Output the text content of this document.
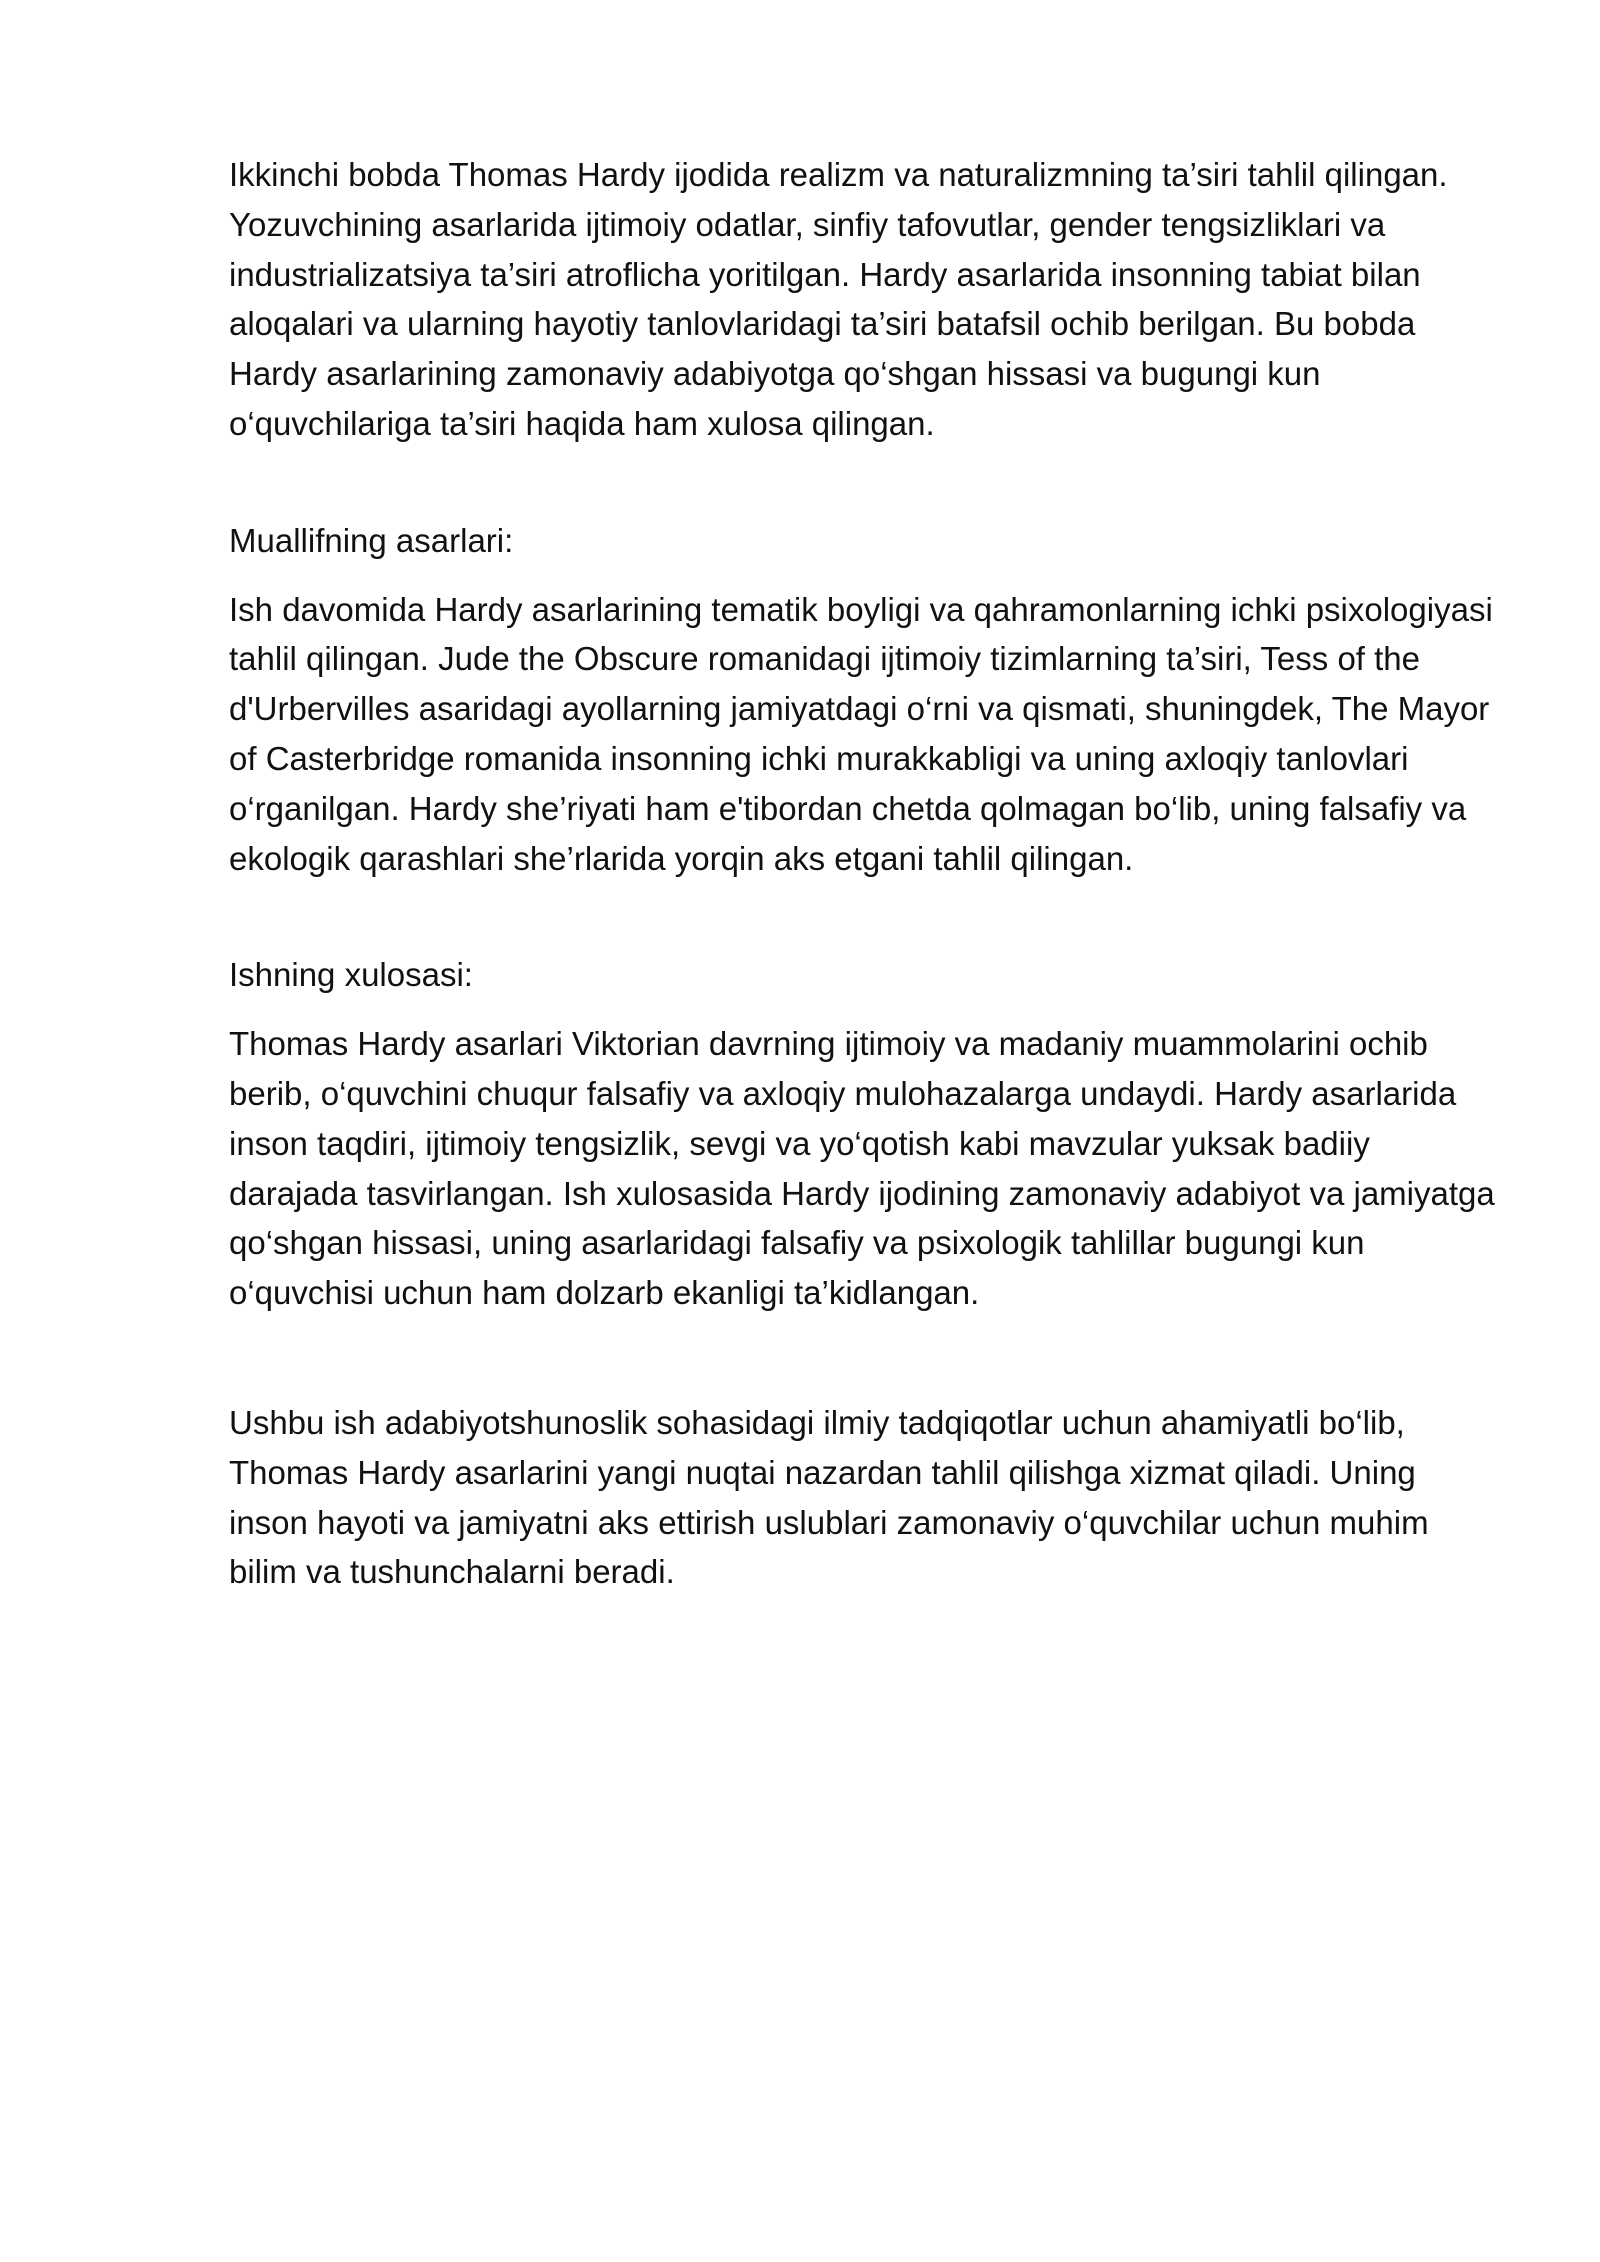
Ikkinchi bobda Thomas Hardy ijodida realizm va naturalizmning ta’siri tahlil qilingan. Yozuvchining asarlarida ijtimoiy odatlar, sinfiy tafovutlar, gender tengsizliklari va industrializatsiya ta’siri atroflicha yoritilgan. Hardy asarlarida insonning tabiat bilan aloqalari va ularning hayotiy tanlovlaridagi ta’siri batafsil ochib berilgan. Bu bobda Hardy asarlarining zamonaviy adabiyotga qo‘shgan hissasi va bugungi kun o‘quvchilariga ta’siri haqida ham xulosa qilingan.

Muallifning asarlari:

Ish davomida Hardy asarlarining tematik boyligi va qahramonlarning ichki psixologiyasi tahlil qilingan. Jude the Obscure romanidagi ijtimoiy tizimlarning ta’siri, Tess of the d'Urbervilles asaridagi ayollarning jamiyatdagi o‘rni va qismati, shuningdek, The Mayor of Casterbridge romanida insonning ichki murakkabligi va uning axloqiy tanlovlari o‘rganilgan. Hardy she’riyati ham e'tibordan chetda qolmagan bo‘lib, uning falsafiy va ekologik qarashlari she’rlarida yorqin aks etgani tahlil qilingan.

Ishning xulosasi:

Thomas Hardy asarlari Viktorian davrning ijtimoiy va madaniy muammolarini ochib berib, o‘quvchini chuqur falsafiy va axloqiy mulohazalarga undaydi. Hardy asarlarida inson taqdiri, ijtimoiy tengsizlik, sevgi va yo‘qotish kabi mavzular yuksak badiiy darajada tasvirlangan. Ish xulosasida Hardy ijodining zamonaviy adabiyot va jamiyatga qo‘shgan hissasi, uning asarlaridagi falsafiy va psixologik tahlillar bugungi kun o‘quvchisi uchun ham dolzarb ekanligi ta’kidlangan.

Ushbu ish adabiyotshunoslik sohasidagi ilmiy tadqiqotlar uchun ahamiyatli bo‘lib, Thomas Hardy asarlarini yangi nuqtai nazardan tahlil qilishga xizmat qiladi. Uning inson hayoti va jamiyatni aks ettirish uslublari zamonaviy o‘quvchilar uchun muhim bilim va tushunchalarni beradi.
